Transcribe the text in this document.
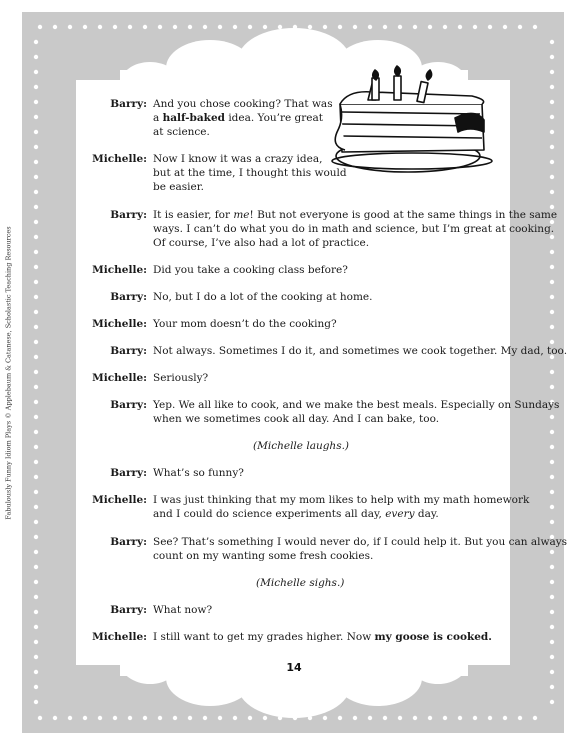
Fabulously Funny Idiom Plays © Applebaum & Catanese, Scholastic Teaching Resources
Barry: And you chose cooking? That was
a half-baked idea. You’re great
at science.
Michelle: Now I know it was a crazy idea,
but at the time, I thought this would
be easier.
Barry: It is easier, for me! But not everyone is good at the same things in the same
ways. I can’t do what you do in math and science, but I’m great at cooking.
Of course, I’ve also had a lot of practice.
Michelle: Did you take a cooking class before?
Barry: No, but I do a lot of the cooking at home.
Michelle: Your mom doesn’t do the cooking?
Barry: Not always. Sometimes I do it, and sometimes we cook together. My dad, too.
Michelle: Seriously?
Barry: Yep. We all like to cook, and we make the best meals. Especially on Sundays
when we sometimes cook all day. And I can bake, too.
(Michelle laughs.)
Barry: What’s so funny?
Michelle: I was just thinking that my mom likes to help with my math homework
and I could do science experiments all day, every day.
Barry: See? That’s something I would never do, if I could help it. But you can always
count on my wanting some fresh cookies.
(Michelle sighs.)
Barry: What now?
Michelle: I still want to get my grades higher. Now my goose is cooked.
14
